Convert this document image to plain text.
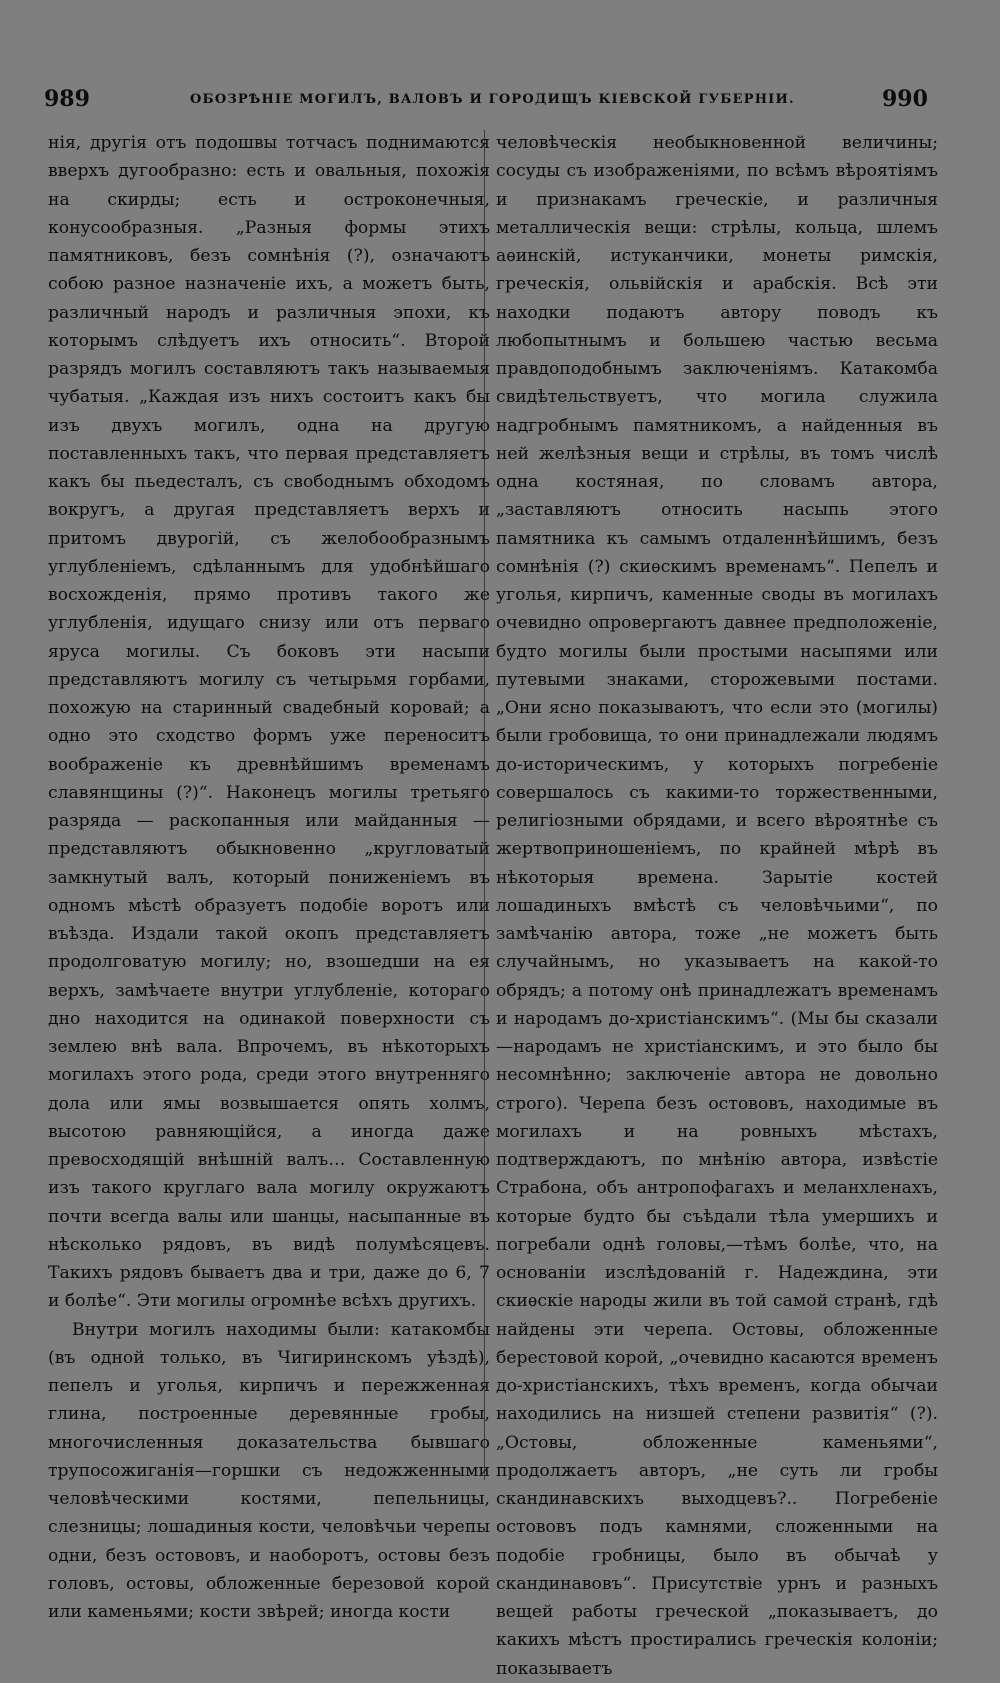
989	ОБОЗРѢНІЕ МОГИЛЪ, ВАЛОВЪ И ГОРОДИЩЪ КІЕВСКОЙ ГУБЕРНІИ.	990

нія, другія отъ подошвы тотчасъ поднимаются вверхъ дугообразно: есть и овальныя, похожія на скирды; есть и остроконечныя, конусообразныя. „Разныя формы этихъ памятниковъ, безъ сомнѣнія (?), означаютъ собою разное назначеніе ихъ, а можетъ быть, различный народъ и различныя эпохи, къ которымъ слѣдуетъ ихъ относить“. Второй разрядъ могилъ составляютъ такъ называемыя чубатыя. „Каждая изъ нихъ состоитъ какъ бы изъ двухъ могилъ, одна на другую поставленныхъ такъ, что первая представляетъ какъ бы пьедесталъ, съ свободнымъ обходомъ вокругъ, а другая представляетъ верхъ и притомъ двурогій, съ желобообразнымъ углубленіемъ, сдѣланнымъ для удобнѣйшаго восхожденія, прямо противъ такого же углубленія, идущаго снизу или отъ перваго яруса могилы. Съ боковъ эти насыпи представляютъ могилу съ четырьмя горбами, похожую на старинный свадебный коровай; а одно это сходство формъ уже переноситъ воображеніе къ древнѣйшимъ временамъ славянщины (?)“. Наконецъ могилы третьяго разряда — раскопанныя или майданныя — представляютъ обыкновенно „кругловатый замкнутый валъ, который пониженіемъ въ одномъ мѣстѣ образуетъ подобіе воротъ или въѣзда. Издали такой окопъ представляетъ продолговатую могилу; но, взошедши на ея верхъ, замѣчаете внутри углубленіе, котораго дно находится на одинакой поверхности съ землею внѣ вала. Впрочемъ, въ нѣкоторыхъ могилахъ этого рода, среди этого внутренняго дола или ямы возвышается опять холмъ, высотою равняющійся, а иногда даже превосходящій внѣшній валъ… Составленную изъ такого круглаго вала могилу окружаютъ почти всегда валы или шанцы, насыпанные въ нѣсколько рядовъ, въ видѣ полумѣсяцевъ. Такихъ рядовъ бываетъ два и три, даже до 6, 7 и болѣе“. Эти могилы огромнѣе всѣхъ другихъ.

Внутри могилъ находимы были: катакомбы (въ одной только, въ Чигиринскомъ уѣздѣ), пепелъ и уголья, кирпичъ и пережженная глина, построенные деревянные гробы, многочисленныя доказательства бывшаго трупосожиганія—горшки съ недожженными человѣческими костями, пепельницы, слезницы; лошадиныя кости, человѣчьи черепы одни, безъ остововъ, и наоборотъ, остовы безъ головъ, остовы, обложенные березовой корой или каменьями; кости звѣрей; иногда кости

человѣческія необыкновенной величины; сосуды съ изображеніями, по всѣмъ вѣроятіямъ и признакамъ греческіе, и различныя металлическія вещи: стрѣлы, кольца, шлемъ аѳинскій, истуканчики, монеты римскія, греческія, ольвійскія и арабскія. Всѣ эти находки подаютъ автору поводъ къ любопытнымъ и большею частью весьма правдоподобнымъ заключеніямъ. Катакомба свидѣтельствуетъ, что могила служила надгробнымъ памятникомъ, а найденныя въ ней желѣзныя вещи и стрѣлы, въ томъ числѣ одна костяная, по словамъ автора, „заставляютъ относить насыпь этого памятника къ самымъ отдаленнѣйшимъ, безъ сомнѣнія (?) скиѳскимъ временамъ“. Пепелъ и уголья, кирпичъ, каменные своды въ могилахъ очевидно опровергаютъ давнее предположеніе, будто могилы были простыми насыпями или путевыми знаками, сторожевыми постами. „Они ясно показываютъ, что если это (могилы) были гробовища, то они принадлежали людямъ до-историческимъ, у которыхъ погребеніе совершалось съ какими-то торжественными, религіозными обрядами, и всего вѣроятнѣе съ жертвоприношеніемъ, по крайней мѣрѣ въ нѣкоторыя времена. Зарытіе костей лошадиныхъ вмѣстѣ съ человѣчьими“, по замѣчанію автора, тоже „не можетъ быть случайнымъ, но указываетъ на какой-то обрядъ; а потому онѣ принадлежатъ временамъ и народамъ до-христіанскимъ“. (Мы бы сказали—народамъ не христіанскимъ, и это было бы несомнѣнно; заключеніе автора не довольно строго). Черепа безъ остововъ, находимые въ могилахъ и на ровныхъ мѣстахъ, подтверждаютъ, по мнѣнію автора, извѣстіе Страбона, объ антропофагахъ и меланхленахъ, которые будто бы съѣдали тѣла умершихъ и погребали однѣ головы,—тѣмъ болѣе, что, на основаніи изслѣдованій г. Надеждина, эти скиѳскіе народы жили въ той самой странѣ, гдѣ найдены эти черепа. Остовы, обложенные берестовой корой, „очевидно касаются временъ до-христіанскихъ, тѣхъ временъ, когда обычаи находились на низшей степени развитія“ (?). „Остовы, обложенные каменьями“, продолжаетъ авторъ, „не суть ли гробы скандинавскихъ выходцевъ?.. Погребеніе остововъ подъ камнями, сложенными на подобіе гробницы, было въ обычаѣ у скандинавовъ“. Присутствіе урнъ и разныхъ вещей работы греческой „показываетъ, до какихъ мѣстъ простирались греческія колоніи; показываетъ
